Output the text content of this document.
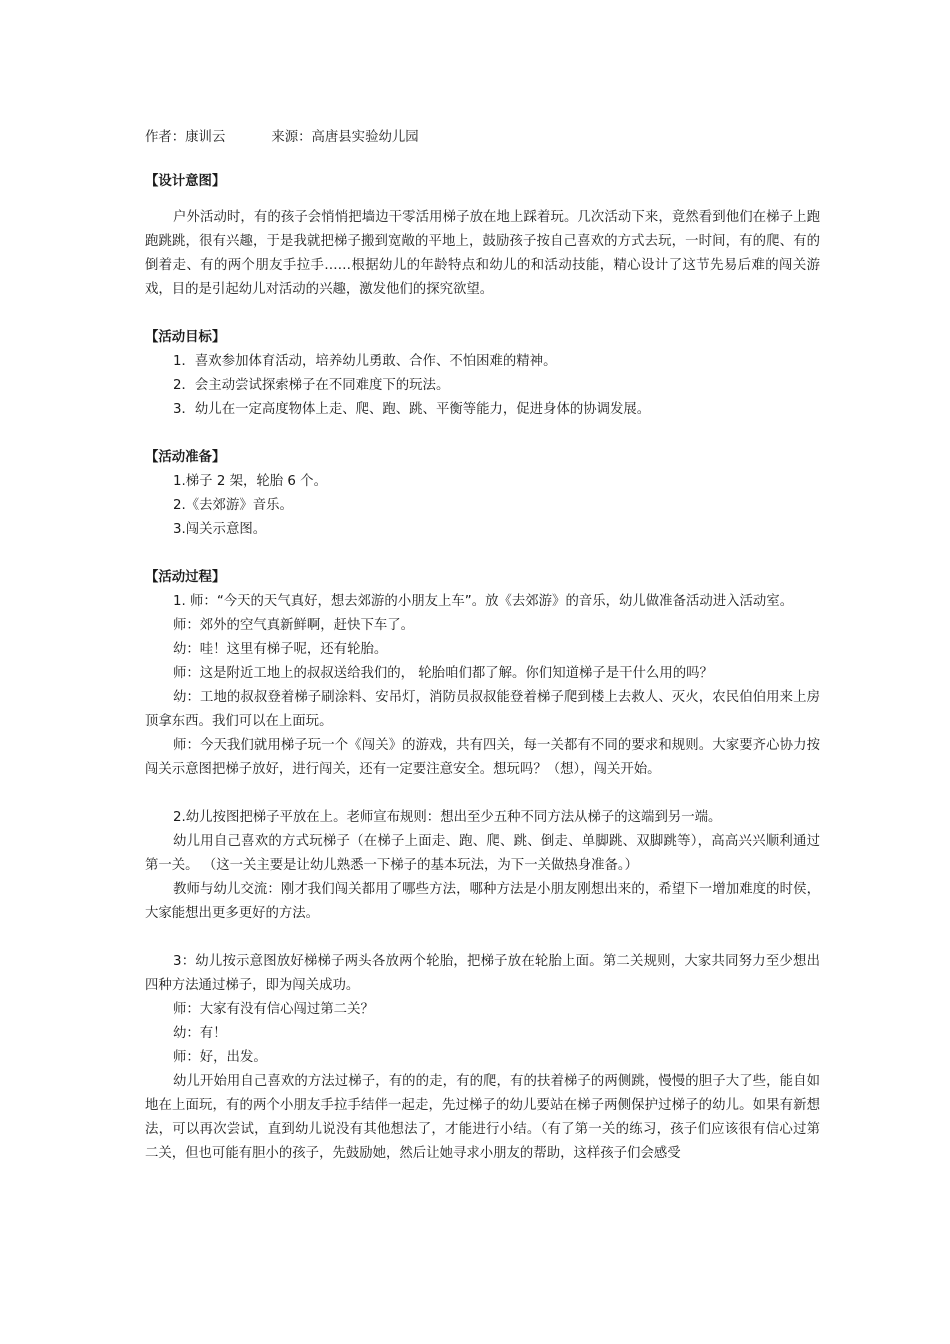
作者：康训云	来源：高唐县实验幼儿园

【设计意图】

户外活动时，有的孩子会悄悄把墙边干零活用梯子放在地上踩着玩。几次活动下来，竟然看到他们在梯子上跑跑跳跳，很有兴趣，于是我就把梯子搬到宽敞的平地上，鼓励孩子按自己喜欢的方式去玩，一时间，有的爬、有的倒着走、有的两个朋友手拉手……根据幼儿的年龄特点和幼儿的和活动技能，精心设计了这节先易后难的闯关游戏，目的是引起幼儿对活动的兴趣，激发他们的探究欲望。

【活动目标】

1．喜欢参加体育活动，培养幼儿勇敢、合作、不怕困难的精神。

2．会主动尝试探索梯子在不同难度下的玩法。

3．幼儿在一定高度物体上走、爬、跑、跳、平衡等能力，促进身体的协调发展。

【活动准备】

1.梯子 2 架，轮胎 6 个。

2.《去郊游》音乐。

3.闯关示意图。

【活动过程】

1. 师：“今天的天气真好，想去郊游的小朋友上车”。放《去郊游》的音乐，幼儿做准备活动进入活动室。

师：郊外的空气真新鲜啊，赶快下车了。

幼：哇！这里有梯子呢，还有轮胎。

师：这是附近工地上的叔叔送给我们的， 轮胎咱们都了解。你们知道梯子是干什么用的吗？

幼：工地的叔叔登着梯子刷涂料、安吊灯，消防员叔叔能登着梯子爬到楼上去救人、灭火，农民伯伯用来上房顶拿东西。我们可以在上面玩。

师：今天我们就用梯子玩一个《闯关》的游戏，共有四关，每一关都有不同的要求和规则。大家要齐心协力按闯关示意图把梯子放好，进行闯关，还有一定要注意安全。想玩吗？（想），闯关开始。

2.幼儿按图把梯子平放在上。老师宣布规则：想出至少五种不同方法从梯子的这端到另一端。

幼儿用自己喜欢的方式玩梯子（在梯子上面走、跑、爬、跳、倒走、单脚跳、双脚跳等），高高兴兴顺利通过第一关。 （这一关主要是让幼儿熟悉一下梯子的基本玩法，为下一关做热身准备。）

教师与幼儿交流：刚才我们闯关都用了哪些方法，哪种方法是小朋友刚想出来的，希望下一增加难度的时侯，大家能想出更多更好的方法。

3：幼儿按示意图放好梯梯子两头各放两个轮胎，把梯子放在轮胎上面。第二关规则，大家共同努力至少想出四种方法通过梯子，即为闯关成功。

师：大家有没有信心闯过第二关？

幼：有！

师：好，出发。

幼儿开始用自己喜欢的方法过梯子，有的的走，有的爬，有的扶着梯子的两侧跳，慢慢的胆子大了些，能自如地在上面玩，有的两个小朋友手拉手结伴一起走，先过梯子的幼儿要站在梯子两侧保护过梯子的幼儿。如果有新想法，可以再次尝试，直到幼儿说没有其他想法了，才能进行小结。（有了第一关的练习，孩子们应该很有信心过第二关，但也可能有胆小的孩子，先鼓励她，然后让她寻求小朋友的帮助，这样孩子们会感受
